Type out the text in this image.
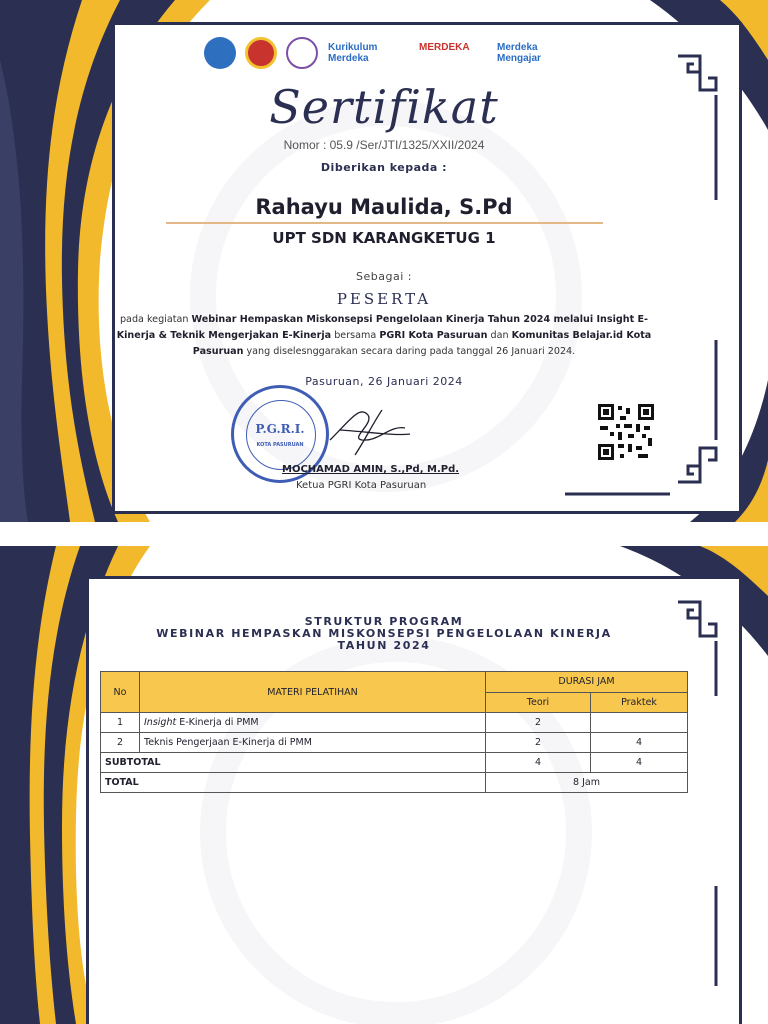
Kurikulum
Merdeka
MERDEKA	Merdeka
Mengajar
Sertifikat
Nomor : 05.9 /Ser/JTI/1325/XXII/2024
Diberikan kepada :
Rahayu Maulida, S.Pd
UPT SDN KARANGKETUG 1
Sebagai :
PESERTA
pada kegiatan Webinar Hempaskan Miskonsepsi Pengelolaan Kinerja Tahun 2024 melalui Insight E-Kinerja & Teknik Mengerjakan E-Kinerja bersama PGRI Kota Pasuruan dan Komunitas Belajar.id Kota Pasuruan yang diselesnggarakan secara daring pada tanggal 26 Januari 2024.
Pasuruan, 26 Januari 2024
P.G.R.I.
KOTA PASURUAN
MOCHAMAD AMIN, S.,Pd, M.Pd.
Ketua PGRI Kota Pasuruan
STRUKTUR PROGRAM
WEBINAR HEMPASKAN MISKONSEPSI PENGELOLAAN KINERJA
TAHUN 2024
No	MATERI PELATIHAN	DURASI JAM	
		Teori	Praktek
1	Insight E-Kinerja di PMM	2	
2	Teknis Pengerjaan E-Kinerja di PMM	2	4
SUBTOTAL		4	4
TOTAL		8 Jam	
